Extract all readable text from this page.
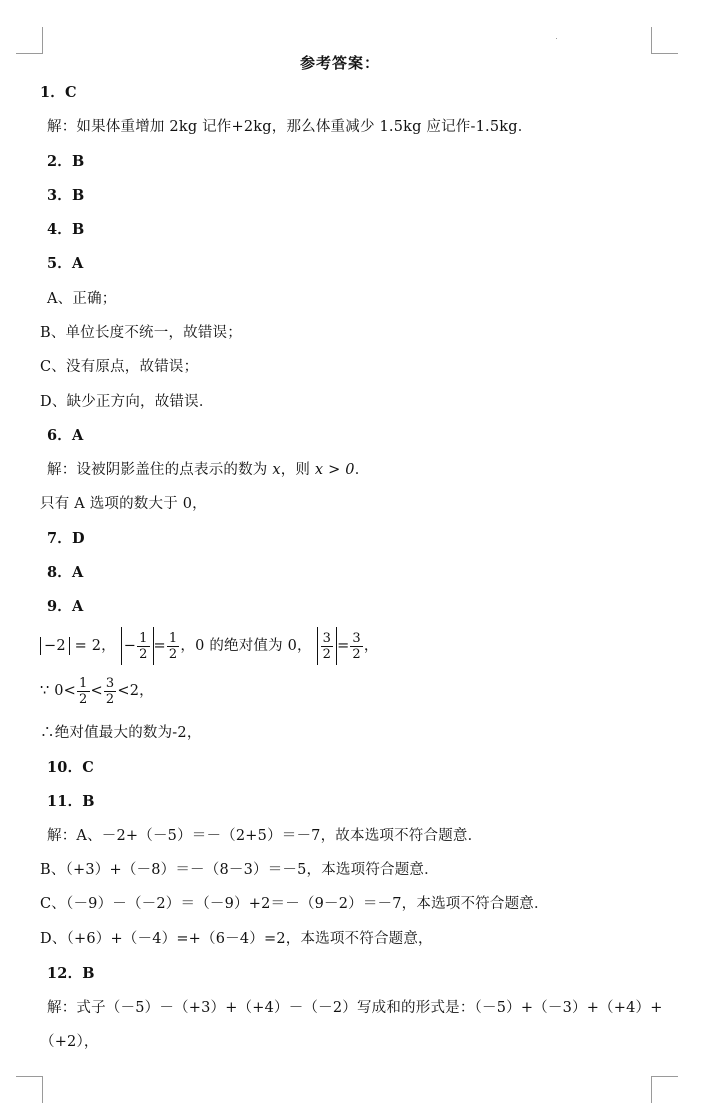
参考答案：
1．C
解：如果体重增加 2kg 记作+2kg，那么体重减少 1.5kg 应记作-1.5kg．
2．B
3．B
4．B
5．A
A、正确；
B、单位长度不统一，故错误；
C、没有原点，故错误；
D、缺少正方向，故错误．
6．A
解：设被阴影盖住的点表示的数为 x，则 x > 0．
只有 A 选项的数大于 0，
7．D
8．A
9．A
−2 = 2， − $\frac{1}{2} = \frac{1}{2}$ ，0 的绝对值为 0， $\frac{3}{2} = \frac{3}{2}$ ，
∵ $0< \frac{1}{2} < \frac{3}{2} <2$，
∴绝对值最大的数为-2，
10．C
11．B
解：A、－2+（－5）＝－（2+5）＝－7，故本选项不符合题意．
B、（+3）+（－8）＝－（8－3）＝－5，本选项符合题意．
C、（－9）－（－2）＝（－9）+2＝－（9－2）＝－7，本选项不符合题意．
D、（+6）+（－4）=+（6－4）=2，本选项不符合题意，
12．B
解：式子（－5）－（+3）+（+4）－（－2）写成和的形式是：（－5）+（－3）+（+4）+
（+2），
